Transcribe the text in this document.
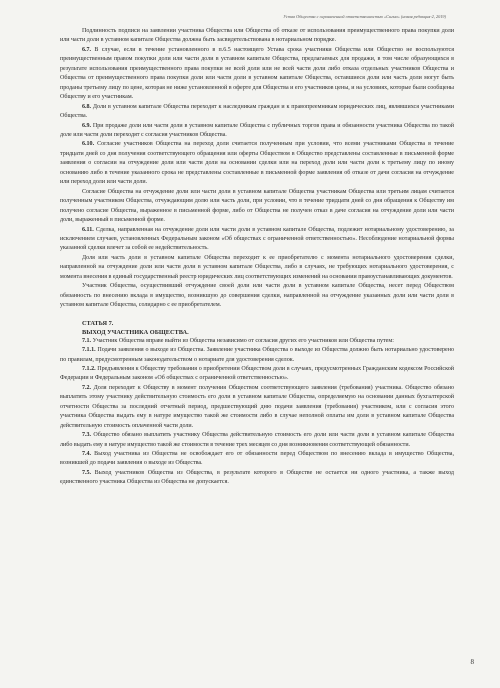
Устав Общества с ограниченной ответственностью «Сигма» (новая редакция-2, 2019)

Подлинность подписи на заявлении участника Общества или Общества об отказе от использования преимущественного права покупки доли или части доли в уставном капитале Общества должна быть засвидетельствована в нотариальном порядке.

6.7. В случае, если в течение установленного в п.6.5 настоящего Устава срока участники Общества или Общество не воспользуются преимущественным правом покупки доли или части доли в уставном капитале Общества, предлагаемых для продажи, в том числе образующихся в результате использования преимущественного права покупки не всей доли или не всей части доли либо отказа отдельных участников Общества и Общества от преимущественного права покупки доли или части доли в уставном капитале Общества, оставшиеся доли или часть доли могут быть проданы третьему лицу по цене, которая не ниже установленной в оферте для Общества и его участников цены, и на условиях, которые были сообщены Обществу и его участникам.

6.8. Доли в уставном капитале Общества переходят к наследникам граждан и к правопреемникам юридических лиц, являвшихся участниками Общества.

6.9. При продаже доли или части доли в уставном капитале Общества с публичных торгов права и обязанности участника Общества по такой доле или части доли переходят с согласия участников Общества.

6.10. Согласие участников Общества на переход доли считается полученным при условии, что всеми участниками Общества в течение тридцати дней со дня получения соответствующего обращения или оферты Обществом в Общество представлены составленные в письменной форме заявления о согласии на отчуждение доли или части доли на основании сделки или на переход доли или части доли к третьему лицу по иному основанию либо в течение указанного срока не представлены составленные в письменной форме заявления об отказе от дачи согласия на отчуждение или переход доли или части доли.

Согласие Общества на отчуждение доли или части доли в уставном капитале Общества участникам Общества или третьим лицам считается полученным участником Общества, отчуждающим долю или часть доли, при условии, что в течение тридцати дней со дня обращения к Обществу им получено согласие Общества, выраженное в письменной форме, либо от Общества не получен отказ в даче согласия на отчуждение доли или части доли, выраженный в письменной форме.

6.11. Сделка, направленная на отчуждение доли или части доли в уставном капитале Общества, подлежит нотариальному удостоверению, за исключением случаев, установленных Федеральным законом «Об обществах с ограниченной ответственностью». Несоблюдение нотариальной формы указанной сделки влечет за собой ее недействительность.

Доля или часть доли в уставном капитале Общества переходит к ее приобретателю с момента нотариального удостоверения сделки, направленной на отчуждение доли или части доли в уставном капитале Общества, либо в случаях, не требующих нотариального удостоверения, с момента внесения в единый государственный реестр юридических лиц соответствующих изменений на основании правоустанавливающих документов.

Участник Общества, осуществивший отчуждение своей доли или части доли в уставном капитале Общества, несет перед Обществом обязанность по внесению вклада в имущество, возникшую до совершения сделки, направленной на отчуждение указанных доли или части доли в уставном капитале Общества, солидарно с ее приобретателем.

СТАТЬЯ 7.

ВЫХОД УЧАСТНИКА ОБЩЕСТВА.

7.1. Участник Общества вправе выйти из Общества независимо от согласия других его участников или Общества путем:

7.1.1. Подачи заявления о выходе из Общества. Заявление участника Общества о выходе из Общества должно быть нотариально удостоверено по правилам, предусмотренным законодательством о нотариате для удостоверения сделок.

7.1.2. Предъявления к Обществу требования о приобретении Обществом доли в случаях, предусмотренных Гражданским кодексом Российской Федерации и Федеральным законом «Об обществах с ограниченной ответственностью».

7.2. Доля переходит к Обществу в момент получения Обществом соответствующего заявления (требования) участника. Общество обязано выплатить этому участнику действительную стоимость его доли в уставном капитале Общества, определяемую на основании данных бухгалтерской отчетности Общества за последний отчетный период, предшествующий дню подачи заявления (требования) участником, или с согласия этого участника Общества выдать ему в натуре имущество такой же стоимости либо в случае неполной оплаты им доли в уставном капитале Общества действительную стоимость оплаченной части доли.

7.3. Общество обязано выплатить участнику Общества действительную стоимость его доли или части доли в уставном капитале Общества либо выдать ему в натуре имущество такой же стоимости в течение трех месяцев со дня возникновения соответствующей обязанности.

7.4. Выход участника из Общества не освобождает его от обязанности перед Обществом по внесению вклада в имущество Общества, возникшей до подачи заявления о выходе из Общества.

7.5. Выход участников Общества из Общества, в результате которого в Обществе не остается ни одного участника, а также выход единственного участника Общества из Общества не допускается.

8
